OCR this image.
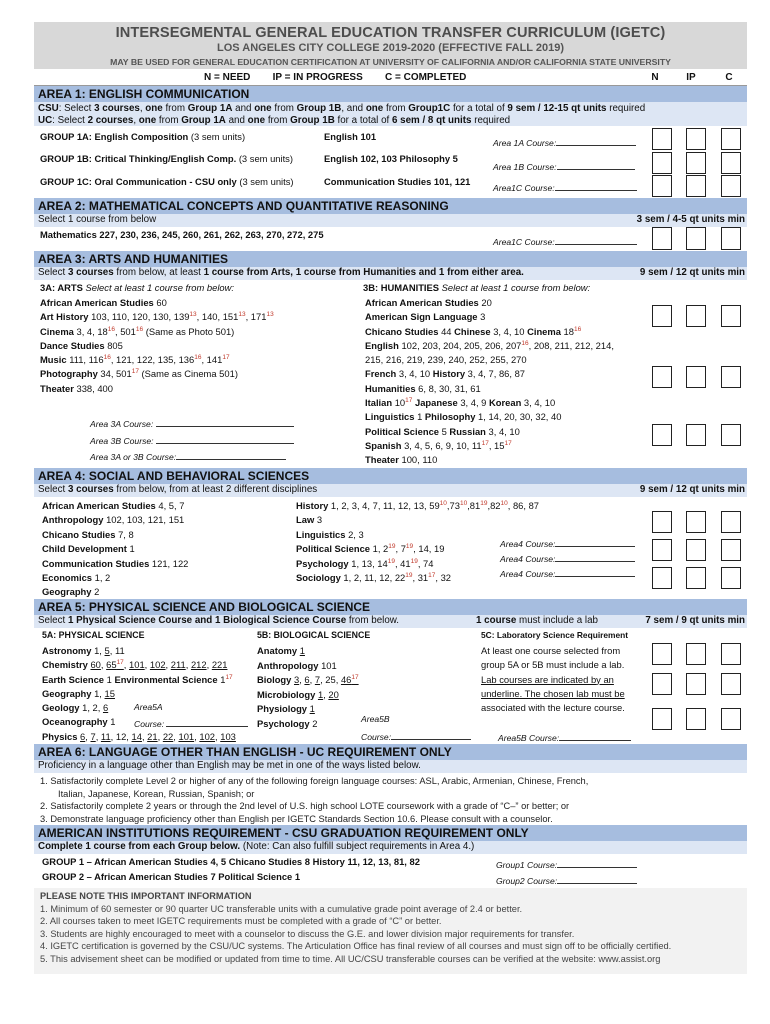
INTERSEGMENTAL GENERAL EDUCATION TRANSFER CURRICULUM (IGETC)
LOS ANGELES CITY COLLEGE 2019-2020 (EFFECTIVE FALL 2019)
MAY BE USED FOR GENERAL EDUCATION CERTIFICATION AT UNIVERSITY OF CALIFORNIA AND/OR CALIFORNIA STATE UNIVERSITY
N = NEED        IP = IN PROGRESS        C = COMPLETED	N	IP	C
AREA 1: ENGLISH COMMUNICATION
CSU: Select 3 courses, one from Group 1A and one from Group 1B, and one from Group1C for a total of 9 sem / 12-15 qt units required
UC: Select 2 courses, one from Group 1A and one from Group 1B for a total of 6 sem / 8 qt units required
GROUP 1A: English Composition (3 sem units)	English 101
Area 1A Course:
GROUP 1B: Critical Thinking/English Comp. (3 sem units)	English 102, 103 Philosophy 5
Area 1B Course:
GROUP 1C: Oral Communication - CSU only (3 sem units)	Communication Studies 101, 121
Area1C Course:
AREA 2: MATHEMATICAL CONCEPTS AND QUANTITATIVE REASONING
Select 1 course from below	3 sem / 4-5 qt units min
Mathematics 227, 230, 236, 245, 260, 261, 262, 263, 270, 272, 275
Area1C Course:
AREA 3: ARTS AND HUMANITIES
Select 3 courses from below, at least 1 course from Arts, 1 course from Humanities and 1 from either area.	9 sem / 12 qt units min
3A: ARTS Select at least 1 course from below:
African American Studies 60
Art History 103, 110, 120, 130, $139^{13}$, 140, $151^{13}$, $171^{13}$
Cinema 3, 4, $18^{16}$, $501^{16}$ (Same as Photo 501)
Dance Studies 805
Music 111, $116^{16}$, 121, 122, 135, $136^{16}$, $141^{17}$
Photography 34, $501^{17}$ (Same as Cinema 501)
Theater 338, 400
Area 3A Course:
Area 3B Course:
Area 3A or 3B Course:
3B: HUMANITIES Select at least 1 course from below:
African American Studies 20
American Sign Language 3
Chicano Studies 44 Chinese 3, 4, 10 Cinema $18^{16}$
English 102, 203, 204, 205, 206, $207^{16}$, 208, 211, 212, 214,
215, 216, 219, 239, 240, 252, 255, 270
French 3, 4, 10 History 3, 4, 7, 86, 87
Humanities 6, 8, 30, 31, 61
Italian $10^{17}$ Japanese 3, 4, 9 Korean 3, 4, 10
Linguistics 1 Philosophy 1, 14, 20, 30, 32, 40
Political Science 5 Russian 3, 4, 10
Spanish 3, 4, 5, 6, 9, 10, $11^{17}$, $15^{17}$
Theater 100, 110
AREA 4: SOCIAL AND BEHAVIORAL SCIENCES
Select 3 courses from below, from at least 2 different disciplines	9 sem / 12 qt units min
African American Studies 4, 5, 7
Anthropology 102, 103, 121, 151
Chicano Studies 7, 8
Child Development 1
Communication Studies 121, 122
Economics 1, 2
Geography 2
History 1, 2, 3, 4, 7, 11, 12, 13, $59^{10},73^{10},81^{19},82^{10}$, 86, 87
Law 3
Linguistics 2, 3
Political Science 1, $2^{19}$, $7^{19}$, 14, 19
Psychology 1, 13, $14^{19}$, $41^{19}$, 74
Sociology 1, 2, 11, 12, $22^{19}$, $31^{17}$, 32
Area4 Course:
Area4 Course:
Area4 Course:
AREA 5: PHYSICAL SCIENCE AND BIOLOGICAL SCIENCE
Select 1 Physical Science Course and 1 Biological Science Course from below.	1 course must include a lab	7 sem / 9 qt units min
5A: PHYSICAL SCIENCE
Astronomy 1, 5, 11
Chemistry 60, $65^{17}$, 101, 102, 211, 212, 221
Earth Science 1 Environmental Science $1^{17}$
Geography 1, 15
Geology 1, 2, 6
Oceanography 1
Physics 6, 7, 11, 12, 14, 21, 22, 101, 102, 103
Area5A
Course:
5B: BIOLOGICAL SCIENCE
Anatomy 1
Anthropology 101
Biology 3, 6, 7, 25, $46^{17}$
Microbiology 1, 20
Physiology 1
Psychology 2	Area5B
Course:
5C: Laboratory Science Requirement
At least one course selected from
group 5A or 5B must include a lab.
Lab courses are indicated by an
underline. The chosen lab must be
associated with the lecture course.
Area5B Course:
AREA 6: LANGUAGE OTHER THAN ENGLISH - UC REQUIREMENT ONLY
Proficiency in a language other than English may be met in one of the ways listed below.
1. Satisfactorily complete Level 2 or higher of any of the following foreign language courses: ASL, Arabic, Armenian, Chinese, French,
Italian, Japanese, Korean, Russian, Spanish; or
2. Satisfactorily complete 2 years or through the 2nd level of U.S. high school LOTE coursework with a grade of “C–” or better; or
3. Demonstrate language proficiency other than English per IGETC Standards Section 10.6. Please consult with a counselor.
AMERICAN INSTITUTIONS REQUIREMENT - CSU GRADUATION REQUIREMENT ONLY
Complete 1 course from each Group below. (Note: Can also fulfill subject requirements in Area 4.)
GROUP 1 – African American Studies 4, 5 Chicano Studies 8 History 11, 12, 13, 81, 82
GROUP 2 – African American Studies 7 Political Science 1
Group1 Course:
Group2 Course:
PLEASE NOTE THIS IMPORTANT INFORMATION
1. Minimum of 60 semester or 90 quarter UC transferable units with a cumulative grade point average of 2.4 or better.
2. All courses taken to meet IGETC requirements must be completed with a grade of “C” or better.
3. Students are highly encouraged to meet with a counselor to discuss the G.E. and lower division major requirements for transfer.
4. IGETC certification is governed by the CSU/UC systems. The Articulation Office has final review of all courses and must sign off to be officially certified.
5. This advisement sheet can be modified or updated from time to time. All UC/CSU transferable courses can be verified at the website: www.assist.org
